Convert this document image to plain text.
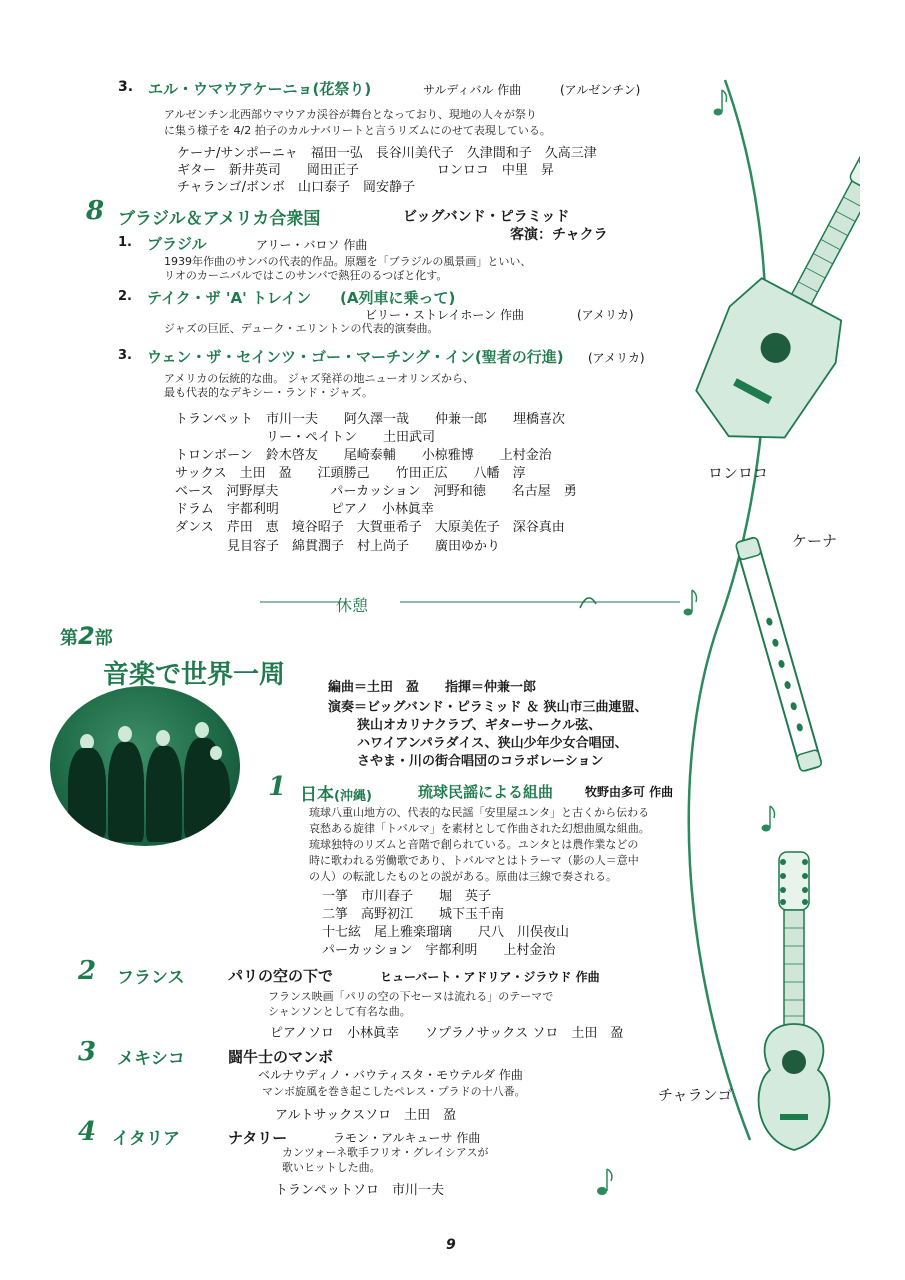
3. エル・ウマウアケーニョ(花祭り)	サルディバル 作曲	(アルゼンチン)
アルゼンチン北西部ウマウアカ渓谷が舞台となっており、現地の人々が祭り
に集う様子を 4/2 拍子のカルナバリートと言うリズムにのせて表現している。
ケーナ/サンポーニャ　福田一弘　長谷川美代子　久津間和子　久高三津
ギター　新井英司　　岡田正子　　　　　　ロンロコ　中里　昇
チャランゴ/ボンボ　山口泰子　岡安静子
8 ブラジル＆アメリカ合衆国	ビッグバンド・ピラミッド
客演：チャクラ
1. ブラジル	アリー・バロソ 作曲
1939年作曲のサンバの代表的作品。原題を「ブラジルの風景画」といい、
リオのカーニバルではこのサンバで熱狂のるつぼと化す。
2. テイク・ザ 'A' トレイン (A列車に乗って)
ビリー・ストレイホーン 作曲	(アメリカ)
ジャズの巨匠、デューク・エリントンの代表的演奏曲。
3. ウェン・ザ・セインツ・ゴー・マーチング・イン(聖者の行進) (アメリカ)
アメリカの伝統的な曲。 ジャズ発祥の地ニューオリンズから、
最も代表的なデキシー・ランド・ジャズ。
トランペット　市川一夫　　阿久澤一哉　　仲兼一郎　　埋橋喜次
　　　　　　　リー・ペイトン　　土田武司
トロンボーン　鈴木啓友　　尾崎泰輔　　小椋雅博　　上村金治
サックス　土田　盈　　江頭勝己　　竹田正広　　八幡　淳
ベース　河野厚夫　　　　パーカッション　河野和徳　　名古屋　勇
ドラム　宇都利明　　　　ピアノ　小林眞幸
ダンス　芹田　恵　境谷昭子　大賀亜希子　大原美佐子　深谷真由
　　　　見目容子　綿貫潤子　村上尚子　　廣田ゆかり
休憩
第2部
音楽で世界一周	編曲＝土田　盈　　指揮＝仲兼一郎
演奏＝ビッグバンド・ピラミッド ＆ 狭山市三曲連盟、
狭山オカリナクラブ、ギターサークル弦、
ハワイアンパラダイス、狭山少年少女合唱団、
さやま・川の街合唱団のコラボレーション
1 日本(沖縄)	琉球民謡による組曲	牧野由多可 作曲
琉球八重山地方の、代表的な民謡「安里屋ユンタ」と古くから伝わる
哀愁ある旋律「トバルマ」を素材として作曲された幻想曲風な組曲。
琉球独特のリズムと音階で創られている。ユンタとは農作業などの
時に歌われる労働歌であり、トバルマとはトラーマ（影の人＝意中
の人）の転訛したものとの説がある。原曲は三線で奏される。
一箏　市川春子　　堀　英子
二箏　高野初江　　城下玉千南
十七絃　尾上雅楽瑠璃　　尺八　川俣夜山
パーカッション　宇都利明　　上村金治
2 フランス	パリの空の下で	ヒューバート・アドリア・ジラウド 作曲
フランス映画「パリの空の下セーヌは流れる」のテーマで
シャンソンとして有名な曲。
ピアノソロ　小林眞幸　　ソプラノサックス ソロ　土田　盈
3 メキシコ	闘牛士のマンボ
ベルナウディノ・バウティスタ・モウテルダ 作曲
マンボ旋風を巻き起こしたペレス・プラドの十八番。
アルトサックスソロ　土田　盈
4 イタリア	ナタリー	ラモン・アルキューサ 作曲
カンツォーネ歌手フリオ・グレイシアスが
歌いヒットした曲。
トランペットソロ　市川一夫
ロンロコ
ケーナ
チャランゴ
9
